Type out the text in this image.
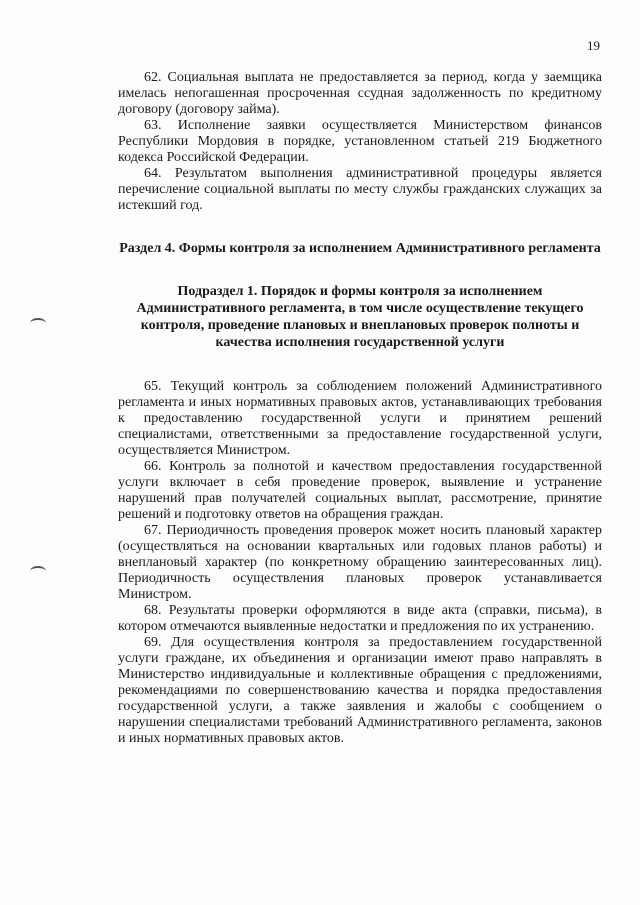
19

62. Социальная выплата не предоставляется за период, когда у заемщика имелась непогашенная просроченная ссудная задолженность по кредитному договору (договору займа).

63. Исполнение заявки осуществляется Министерством финансов Республики Мордовия в порядке, установленном статьей 219 Бюджетного кодекса Российской Федерации.

64. Результатом выполнения административной процедуры является перечисление социальной выплаты по месту службы гражданских служащих за истекший год.

Раздел 4. Формы контроля за исполнением Административного регламента
Подраздел 1. Порядок и формы контроля за исполнением Административного регламента, в том числе осуществление текущего контроля, проведение плановых и внеплановых проверок полноты и качества исполнения государственной услуги

65. Текущий контроль за соблюдением положений Административного регламента и иных нормативных правовых актов, устанавливающих требования к предоставлению государственной услуги и принятием решений специалистами, ответственными за предоставление государственной услуги, осуществляется Министром.

66. Контроль за полнотой и качеством предоставления государственной услуги включает в себя проведение проверок, выявление и устранение нарушений прав получателей социальных выплат, рассмотрение, принятие решений и подготовку ответов на обращения граждан.

67. Периодичность проведения проверок может носить плановый характер (осуществляться на основании квартальных или годовых планов работы) и внеплановый характер (по конкретному обращению заинтересованных лиц). Периодичность осуществления плановых проверок устанавливается Министром.

68. Результаты проверки оформляются в виде акта (справки, письма), в котором отмечаются выявленные недостатки и предложения по их устранению.

69. Для осуществления контроля за предоставлением государственной услуги граждане, их объединения и организации имеют право направлять в Министерство индивидуальные и коллективные обращения с предложениями, рекомендациями по совершенствованию качества и порядка предоставления государственной услуги, а также заявления и жалобы с сообщением о нарушении специалистами требований Административного регламента, законов и иных нормативных правовых актов.
